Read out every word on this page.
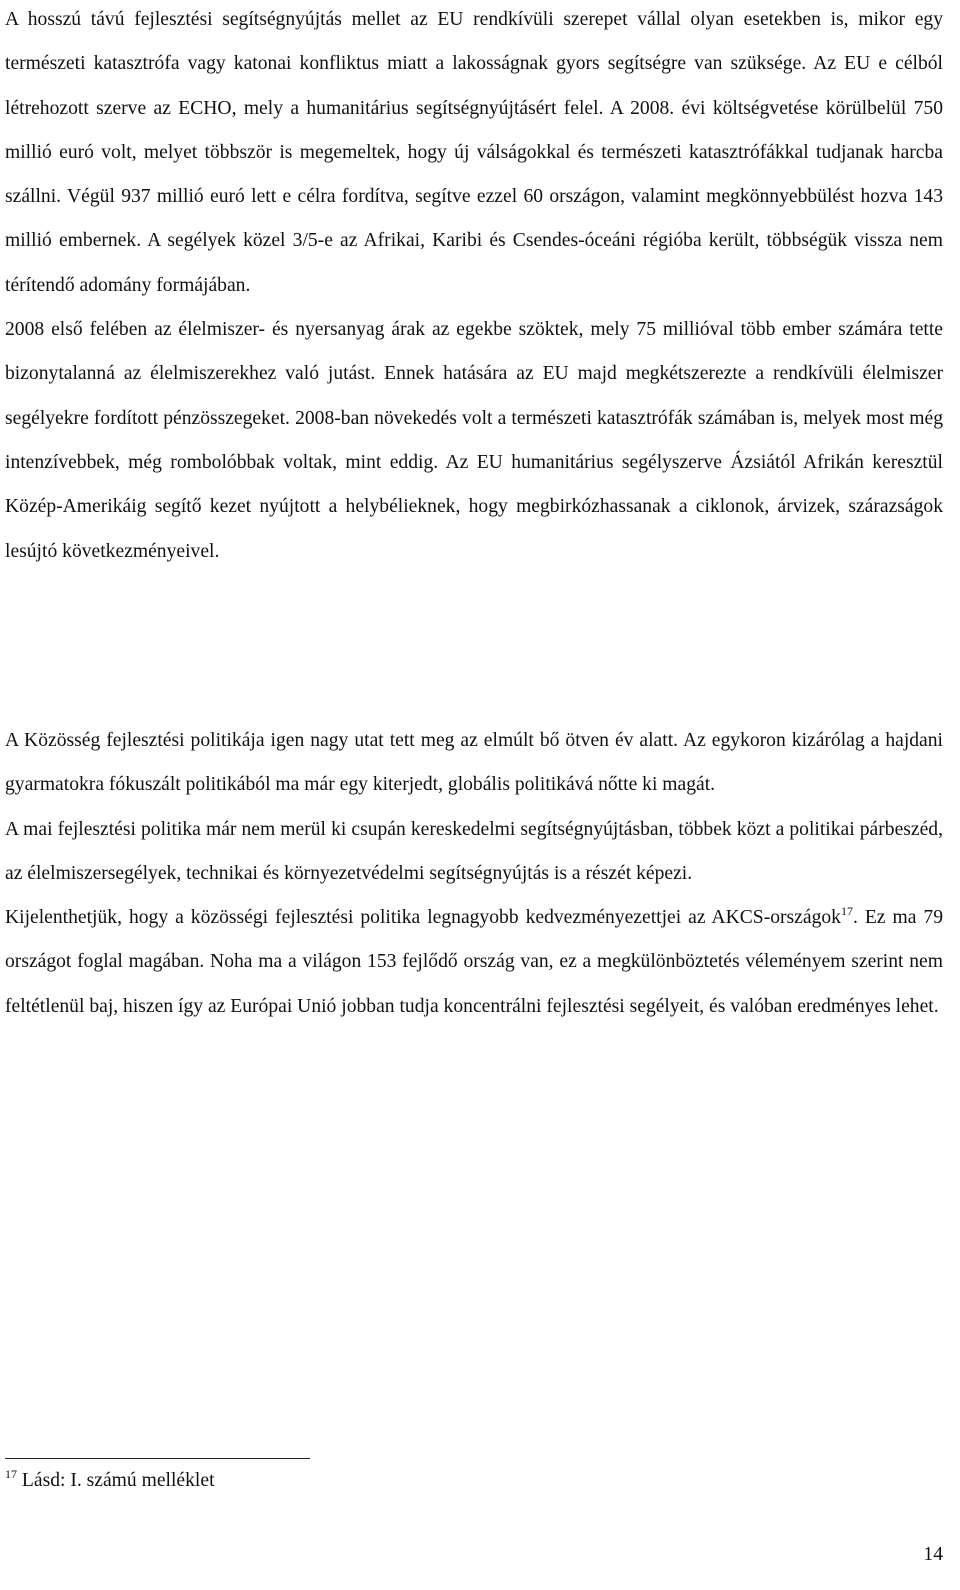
A hosszú távú fejlesztési segítségnyújtás mellet az EU rendkívüli szerepet vállal olyan esetekben is, mikor egy természeti katasztrófa vagy katonai konfliktus miatt a lakosságnak gyors segítségre van szüksége. Az EU e célból létrehozott szerve az ECHO, mely a humanitárius segítségnyújtásért felel. A 2008. évi költségvetése körülbelül 750 millió euró volt, melyet többször is megemeltek, hogy új válságokkal és természeti katasztrófákkal tudjanak harcba szállni. Végül 937 millió euró lett e célra fordítva, segítve ezzel 60 országon, valamint megkönnyebbülést hozva 143 millió embernek. A segélyek közel 3/5-e az Afrikai, Karibi és Csendes-óceáni régióba került, többségük vissza nem térítendő adomány formájában.

2008 első felében az élelmiszer- és nyersanyag árak az egekbe szöktek, mely 75 millióval több ember számára tette bizonytalanná az élelmiszerekhez való jutást. Ennek hatására az EU majd megkétszerezte a rendkívüli élelmiszer segélyekre fordított pénzösszegeket. 2008-ban növekedés volt a természeti katasztrófák számában is, melyek most még intenzívebbek, még rombolóbbak voltak, mint eddig. Az EU humanitárius segélyszerve Ázsiától Afrikán keresztül Közép-Amerikáig segítő kezet nyújtott a helybélieknek, hogy megbirkózhassanak a ciklonok, árvizek, szárazságok lesújtó következményeivel.

A Közösség fejlesztési politikája igen nagy utat tett meg az elmúlt bő ötven év alatt. Az egykoron kizárólag a hajdani gyarmatokra fókuszált politikából ma már egy kiterjedt, globális politikává nőtte ki magát.

A mai fejlesztési politika már nem merül ki csupán kereskedelmi segítségnyújtásban, többek közt a politikai párbeszéd, az élelmiszersegélyek, technikai és környezetvédelmi segítségnyújtás is a részét képezi.

Kijelenthetjük, hogy a közösségi fejlesztési politika legnagyobb kedvezményezettjei az AKCS-országok$^{17}$. Ez ma 79 országot foglal magában. Noha ma a világon 153 fejlődő ország van, ez a megkülönböztetés véleményem szerint nem feltétlenül baj, hiszen így az Európai Unió jobban tudja koncentrálni fejlesztési segélyeit, és valóban eredményes lehet.

$^{17}$ Lásd: I. számú melléklet
14
